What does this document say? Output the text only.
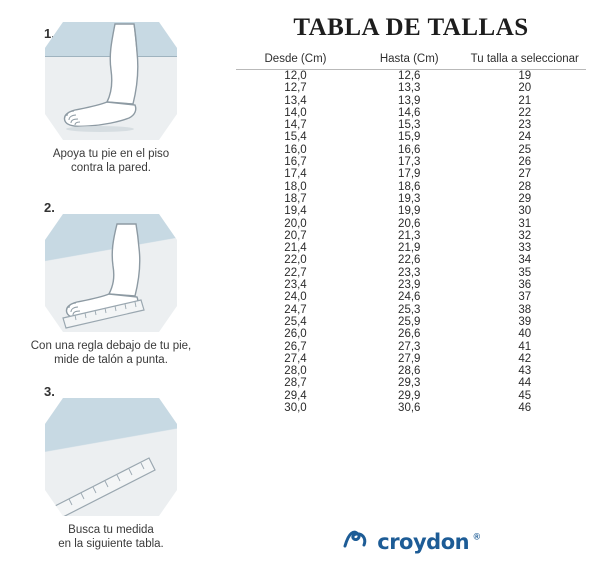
1.
Apoya tu pie en el piso
contra la pared.
2.
Con una regla debajo de tu pie,
mide de talón a punta.
3.
Busca tu medida
en la siguiente tabla.
TABLA DE TALLAS
Desde (Cm)	Hasta (Cm)	Tu talla a seleccionar
12,0	12,6	19
12,7	13,3	20
13,4	13,9	21
14,0	14,6	22
14,7	15,3	23
15,4	15,9	24
16,0	16,6	25
16,7	17,3	26
17,4	17,9	27
18,0	18,6	28
18,7	19,3	29
19,4	19,9	30
20,0	20,6	31
20,7	21,3	32
21,4	21,9	33
22,0	22,6	34
22,7	23,3	35
23,4	23,9	36
24,0	24,6	37
24,7	25,3	38
25,4	25,9	39
26,0	26,6	40
26,7	27,3	41
27,4	27,9	42
28,0	28,6	43
28,7	29,3	44
29,4	29,9	45
30,0	30,6	46
croydon ®
